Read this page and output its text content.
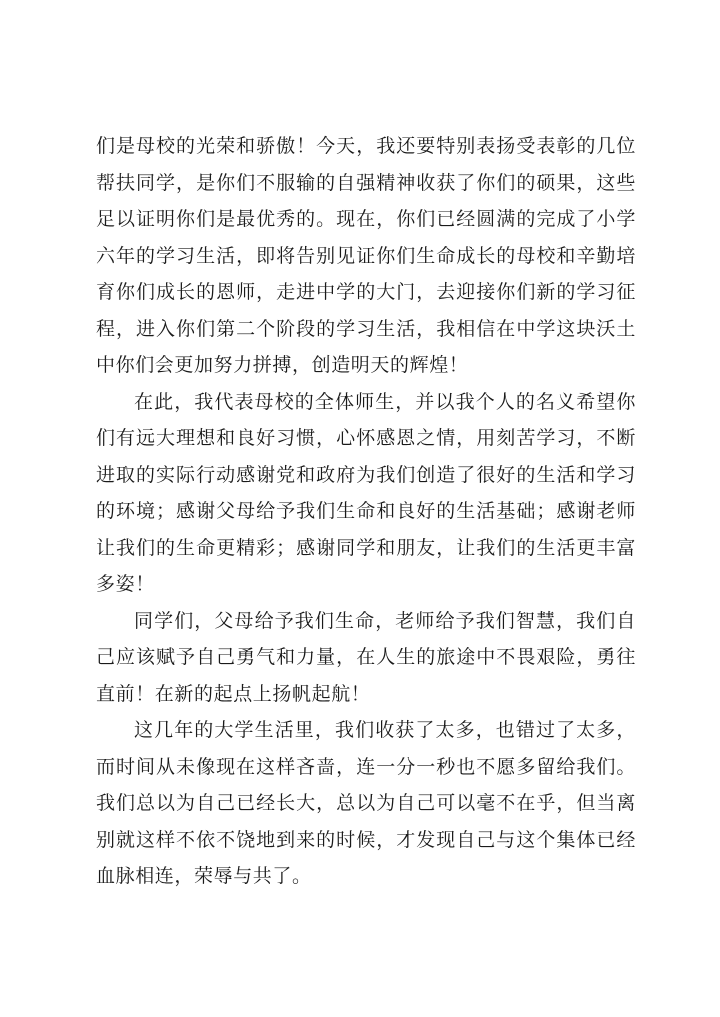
们是母校的光荣和骄傲！今天，我还要特别表扬受表彰的几位帮扶同学，是你们不服输的自强精神收获了你们的硕果，这些足以证明你们是最优秀的。现在，你们已经圆满的完成了小学六年的学习生活，即将告别见证你们生命成长的母校和辛勤培育你们成长的恩师，走进中学的大门，去迎接你们新的学习征程，进入你们第二个阶段的学习生活，我相信在中学这块沃土中你们会更加努力拼搏，创造明天的辉煌！

在此，我代表母校的全体师生，并以我个人的名义希望你们有远大理想和良好习惯，心怀感恩之情，用刻苦学习，不断进取的实际行动感谢党和政府为我们创造了很好的生活和学习的环境；感谢父母给予我们生命和良好的生活基础；感谢老师让我们的生命更精彩；感谢同学和朋友，让我们的生活更丰富多姿！

同学们，父母给予我们生命，老师给予我们智慧，我们自己应该赋予自己勇气和力量，在人生的旅途中不畏艰险，勇往直前！在新的起点上扬帆起航！

这几年的大学生活里，我们收获了太多，也错过了太多，而时间从未像现在这样吝啬，连一分一秒也不愿多留给我们。我们总以为自己已经长大，总以为自己可以毫不在乎，但当离别就这样不依不饶地到来的时候，才发现自己与这个集体已经血脉相连，荣辱与共了。
